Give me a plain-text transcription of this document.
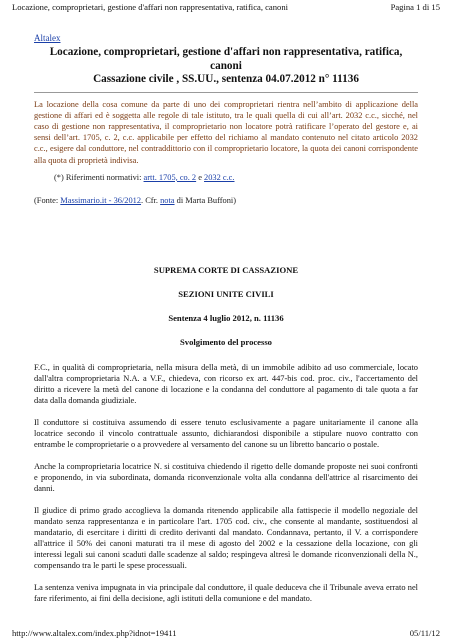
Locazione, comproprietari, gestione d'affari non rappresentativa, ratifica, canoni	Pagina 1 di 15
Altalex
Locazione, comproprietari, gestione d'affari non rappresentativa, ratifica, canoni
Cassazione civile , SS.UU., sentenza 04.07.2012 n° 11136

La locazione della cosa comune da parte di uno dei comproprietari rientra nell’ambito di applicazione della gestione di affari ed è soggetta alle regole di tale istituto, tra le quali quella di cui all’art. 2032 c.c., sicché, nel caso di gestione non rappresentativa, il comproprietario non locatore potrà ratificare l’operato del gestore e, ai sensi dell’art. 1705, c. 2, c.c. applicabile per effetto del richiamo al mandato contenuto nel citato articolo 2032 c.c., esigere dal conduttore, nel contraddittorio con il comproprietario locatore, la quota dei canoni corrispondente alla quota di proprietà indivisa.

(*) Riferimenti normativi: artt. 1705, co. 2 e 2032 c.c.

(Fonte: Massimario.it - 36/2012. Cfr. nota di Marta Buffoni)

SUPREMA CORTE DI CASSAZIONE
SEZIONI UNITE CIVILI
Sentenza 4 luglio 2012, n. 11136
Svolgimento del processo

F.C., in qualità di comproprietaria, nella misura della metà, di un immobile adibito ad uso commerciale, locato dall'altra comproprietaria N.A. a V.F., chiedeva, con ricorso ex art. 447-bis cod. proc. civ., l'accertamento del diritto a ricevere la metà del canone di locazione e la condanna del conduttore al pagamento di tale quota a far data dalla domanda giudiziale.

Il conduttore si costituiva assumendo di essere tenuto esclusivamente a pagare unitariamente il canone alla locatrice secondo il vincolo contrattuale assunto, dichiarandosi disponibile a stipulare nuovo contratto con entrambe le comproprietarie o a provvedere al versamento del canone su un libretto bancario o postale.

Anche la comproprietaria locatrice N. si costituiva chiedendo il rigetto delle domande proposte nei suoi confronti e proponendo, in via subordinata, domanda riconvenzionale volta alla condanna dell'attrice al risarcimento dei danni.

Il giudice di primo grado accoglieva la domanda ritenendo applicabile alla fattispecie il modello negoziale del mandato senza rappresentanza e in particolare l'art. 1705 cod. civ., che consente al mandante, sostituendosi al mandatario, di esercitare i diritti di credito derivanti dal mandato. Condannava, pertanto, il V. a corrispondere all'attrice il 50% dei canoni maturati tra il mese di agosto del 2002 e la cessazione della locazione, con gli interessi legali sui canoni scaduti dalle scadenze al saldo; respingeva altresì le domande riconvenzionali della N., compensando tra le parti le spese processuali.

La sentenza veniva impugnata in via principale dal conduttore, il quale deduceva che il Tribunale aveva errato nel fare riferimento, ai fini della decisione, agli istituti della comunione e del mandato.

http://www.altalex.com/index.php?idnot=19411	05/11/12
